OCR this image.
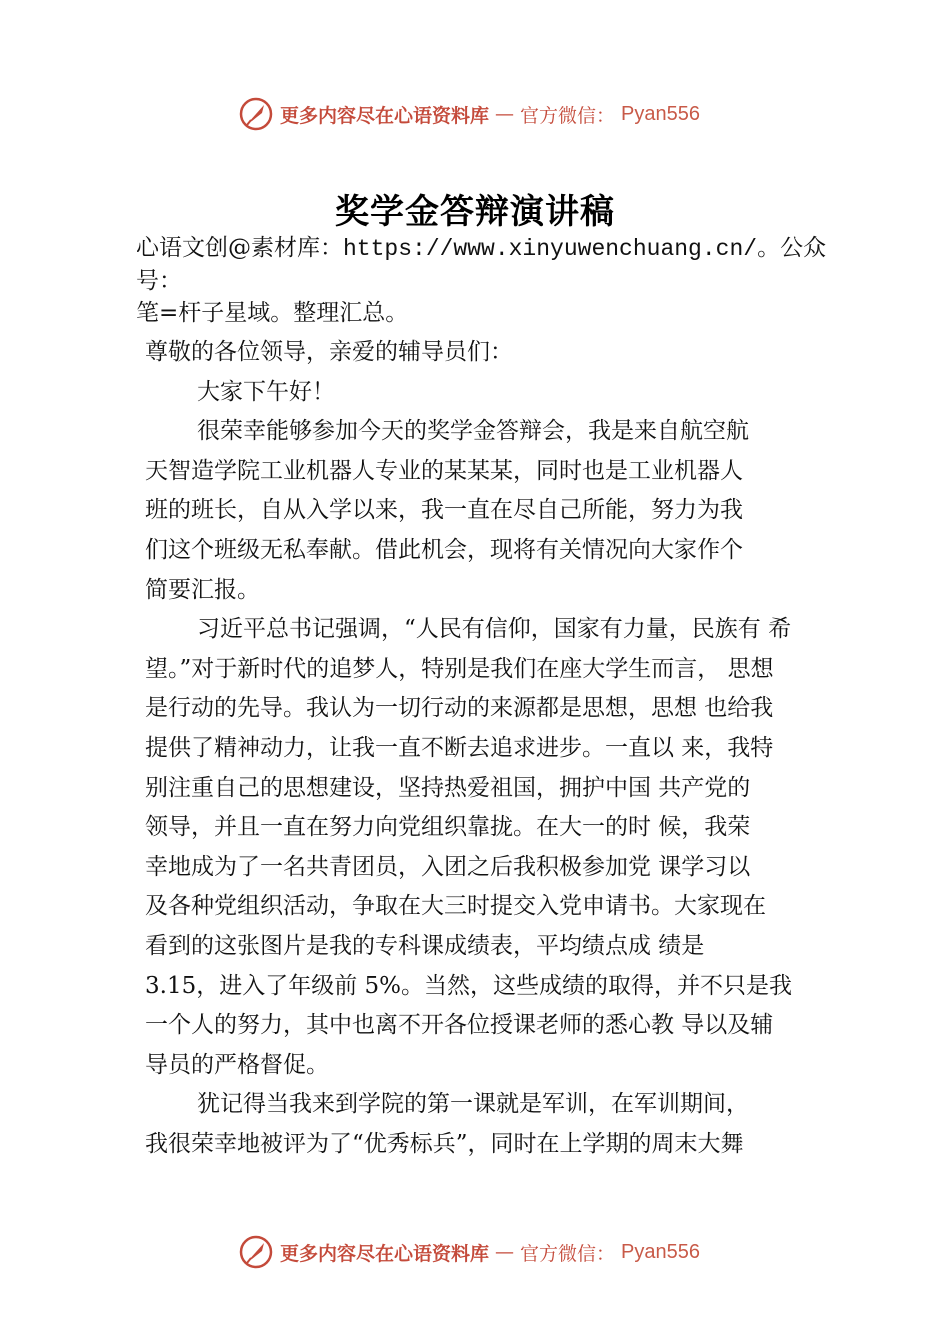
更多内容尽在心语资料库 — 官方微信： Pyan556
奖学金答辩演讲稿
心语文创@素材库：https://www.xinyuwenchuang.cn/。公众号：
笔=杆子星域。整理汇总。
尊敬的各位领导，亲爱的辅导员们：
大家下午好！
很荣幸能够参加今天的奖学金答辩会，我是来自航空航
天智造学院工业机器人专业的某某某，同时也是工业机器人
班的班长，自从入学以来，我一直在尽自己所能，努力为我
们这个班级无私奉献。借此机会，现将有关情况向大家作个
简要汇报。
习近平总书记强调，“人民有信仰，国家有力量，民族有 希
望。”对于新时代的追梦人，特别是我们在座大学生而言， 思想
是行动的先导。我认为一切行动的来源都是思想，思想 也给我
提供了精神动力，让我一直不断去追求进步。一直以 来，我特
别注重自己的思想建设，坚持热爱祖国，拥护中国 共产党的
领导，并且一直在努力向党组织靠拢。在大一的时 候，我荣
幸地成为了一名共青团员，入团之后我积极参加党 课学习以
及各种党组织活动，争取在大三时提交入党申请书。大家现在
看到的这张图片是我的专科课成绩表，平均绩点成 绩是
3.15，进入了年级前 5%。当然，这些成绩的取得，并不只是我
一个人的努力，其中也离不开各位授课老师的悉心教 导以及辅
导员的严格督促。
犹记得当我来到学院的第一课就是军训，在军训期间，
我很荣幸地被评为了“优秀标兵”，同时在上学期的周末大舞
更多内容尽在心语资料库 — 官方微信： Pyan556
